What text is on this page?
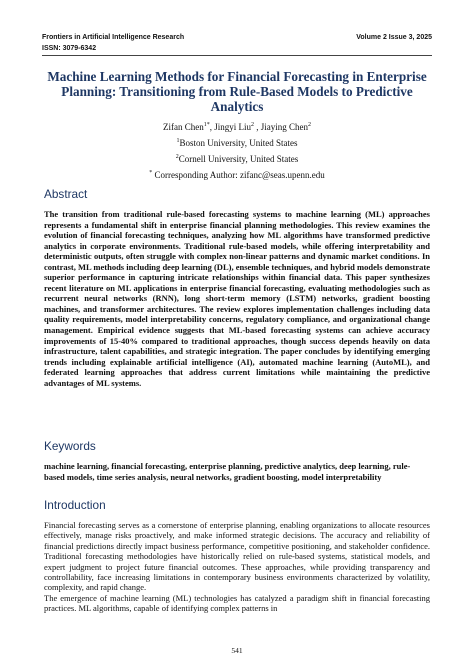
Frontiers in Artificial Intelligence Research	Volume 2 Issue 3, 2025
ISSN: 3079-6342
Machine Learning Methods for Financial Forecasting in Enterprise Planning: Transitioning from Rule-Based Models to Predictive Analytics
Zifan Chen$^{1*}$, Jingyi Liu$^2$ , Jiaying Chen$^2$
$^1$Boston University, United States
$^2$Cornell University, United States
* Corresponding Author: zifanc@seas.upenn.edu
Abstract
The transition from traditional rule-based forecasting systems to machine learning (ML) approaches represents a fundamental shift in enterprise financial planning methodologies. This review examines the evolution of financial forecasting techniques, analyzing how ML algorithms have transformed predictive analytics in corporate environments. Traditional rule-based models, while offering interpretability and deterministic outputs, often struggle with complex non-linear patterns and dynamic market conditions. In contrast, ML methods including deep learning (DL), ensemble techniques, and hybrid models demonstrate superior performance in capturing intricate relationships within financial data. This paper synthesizes recent literature on ML applications in enterprise financial forecasting, evaluating methodologies such as recurrent neural networks (RNN), long short-term memory (LSTM) networks, gradient boosting machines, and transformer architectures. The review explores implementation challenges including data quality requirements, model interpretability concerns, regulatory compliance, and organizational change management. Empirical evidence suggests that ML-based forecasting systems can achieve accuracy improvements of 15-40% compared to traditional approaches, though success depends heavily on data infrastructure, talent capabilities, and strategic integration. The paper concludes by identifying emerging trends including explainable artificial intelligence (AI), automated machine learning (AutoML), and federated learning approaches that address current limitations while maintaining the predictive advantages of ML systems.
Keywords
machine learning, financial forecasting, enterprise planning, predictive analytics, deep learning, rule-based models, time series analysis, neural networks, gradient boosting, model interpretability
Introduction

Financial forecasting serves as a cornerstone of enterprise planning, enabling organizations to allocate resources effectively, manage risks proactively, and make informed strategic decisions. The accuracy and reliability of financial predictions directly impact business performance, competitive positioning, and stakeholder confidence. Traditional forecasting methodologies have historically relied on rule-based systems, statistical models, and expert judgment to project future financial outcomes. These approaches, while providing transparency and controllability, face increasing limitations in contemporary business environments characterized by volatility, complexity, and rapid change.

The emergence of machine learning (ML) technologies has catalyzed a paradigm shift in financial forecasting practices. ML algorithms, capable of identifying complex patterns in

541
